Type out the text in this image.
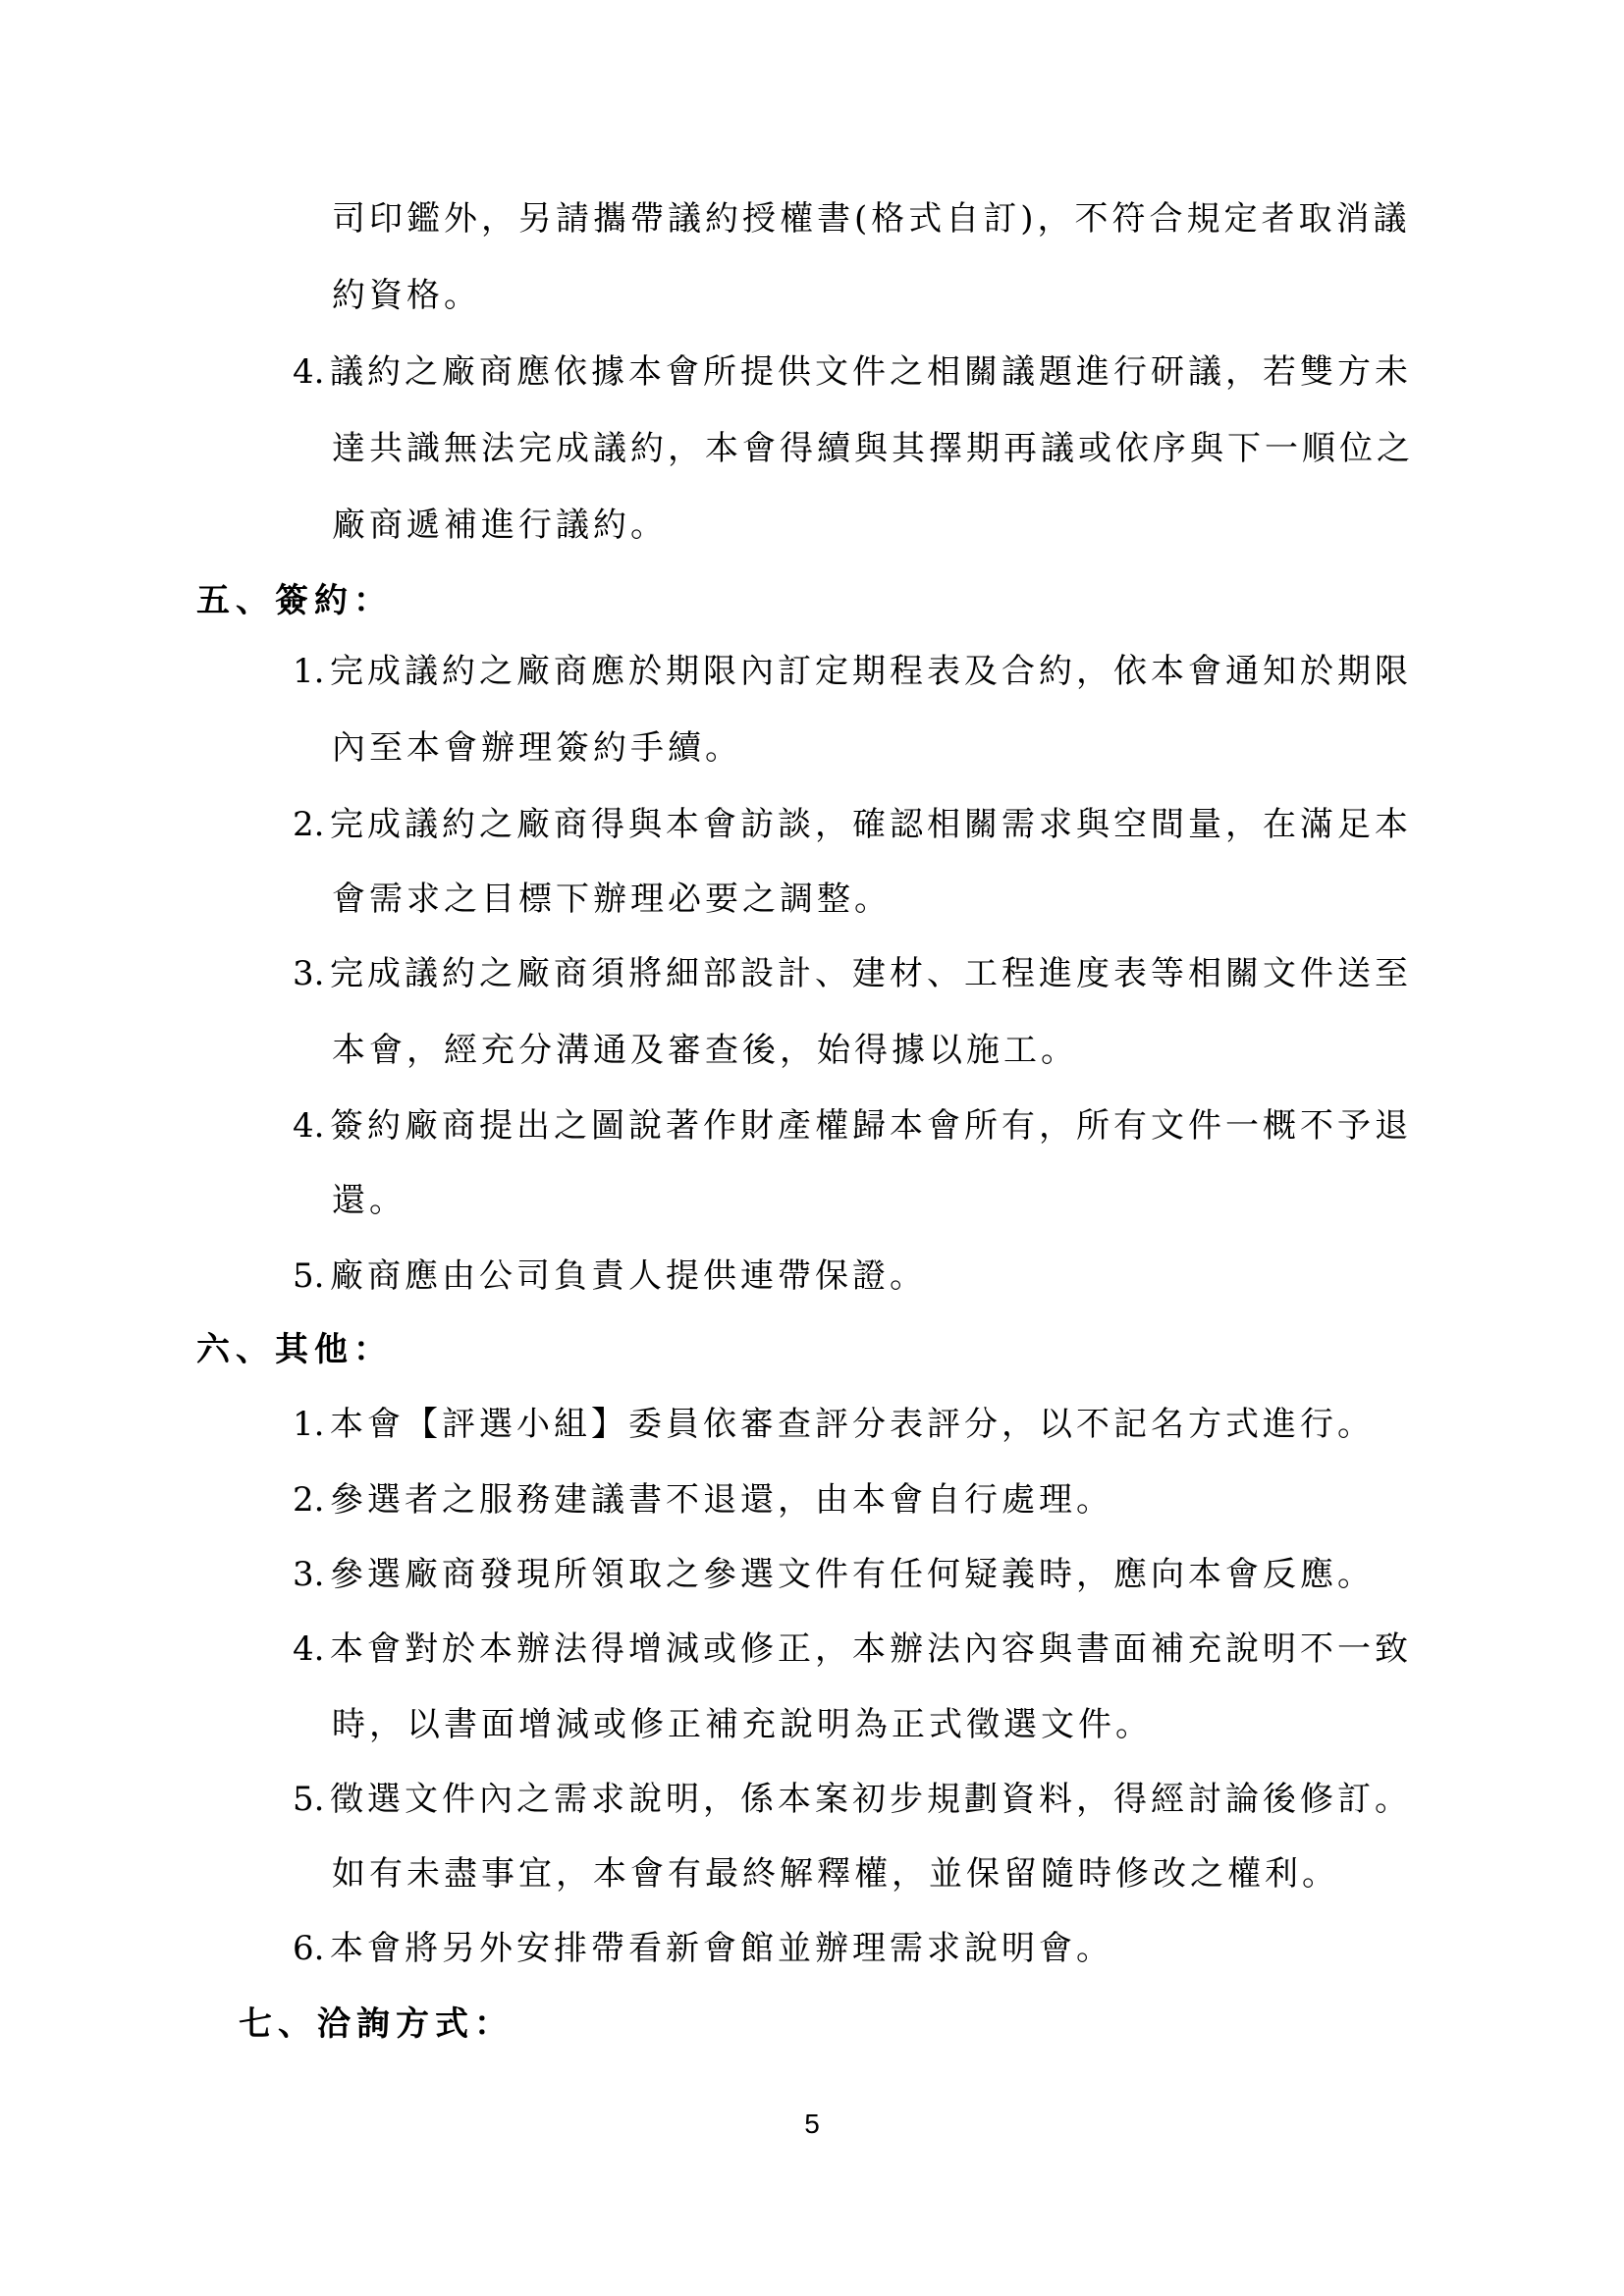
司印鑑外，另請攜帶議約授權書(格式自訂)，不符合規定者取消議
約資格。
4. 議約之廠商應依據本會所提供文件之相關議題進行研議，若雙方未
達共識無法完成議約，本會得續與其擇期再議或依序與下一順位之
廠商遞補進行議約。
五、簽約：
1. 完成議約之廠商應於期限內訂定期程表及合約，依本會通知於期限
內至本會辦理簽約手續。
2. 完成議約之廠商得與本會訪談，確認相關需求與空間量，在滿足本
會需求之目標下辦理必要之調整。
3. 完成議約之廠商須將細部設計、建材、工程進度表等相關文件送至
本會，經充分溝通及審查後，始得據以施工。
4. 簽約廠商提出之圖說著作財產權歸本會所有，所有文件一概不予退
還。
5. 廠商應由公司負責人提供連帶保證。
六、其他：
1. 本會【評選小組】委員依審查評分表評分，以不記名方式進行。
2. 參選者之服務建議書不退還，由本會自行處理。
3. 參選廠商發現所領取之參選文件有任何疑義時，應向本會反應。
4. 本會對於本辦法得增減或修正，本辦法內容與書面補充說明不一致
時，以書面增減或修正補充說明為正式徵選文件。
5. 徵選文件內之需求說明，係本案初步規劃資料，得經討論後修訂。
如有未盡事宜，本會有最終解釋權，並保留隨時修改之權利。
6. 本會將另外安排帶看新會館並辦理需求說明會。
七、洽詢方式：
5
